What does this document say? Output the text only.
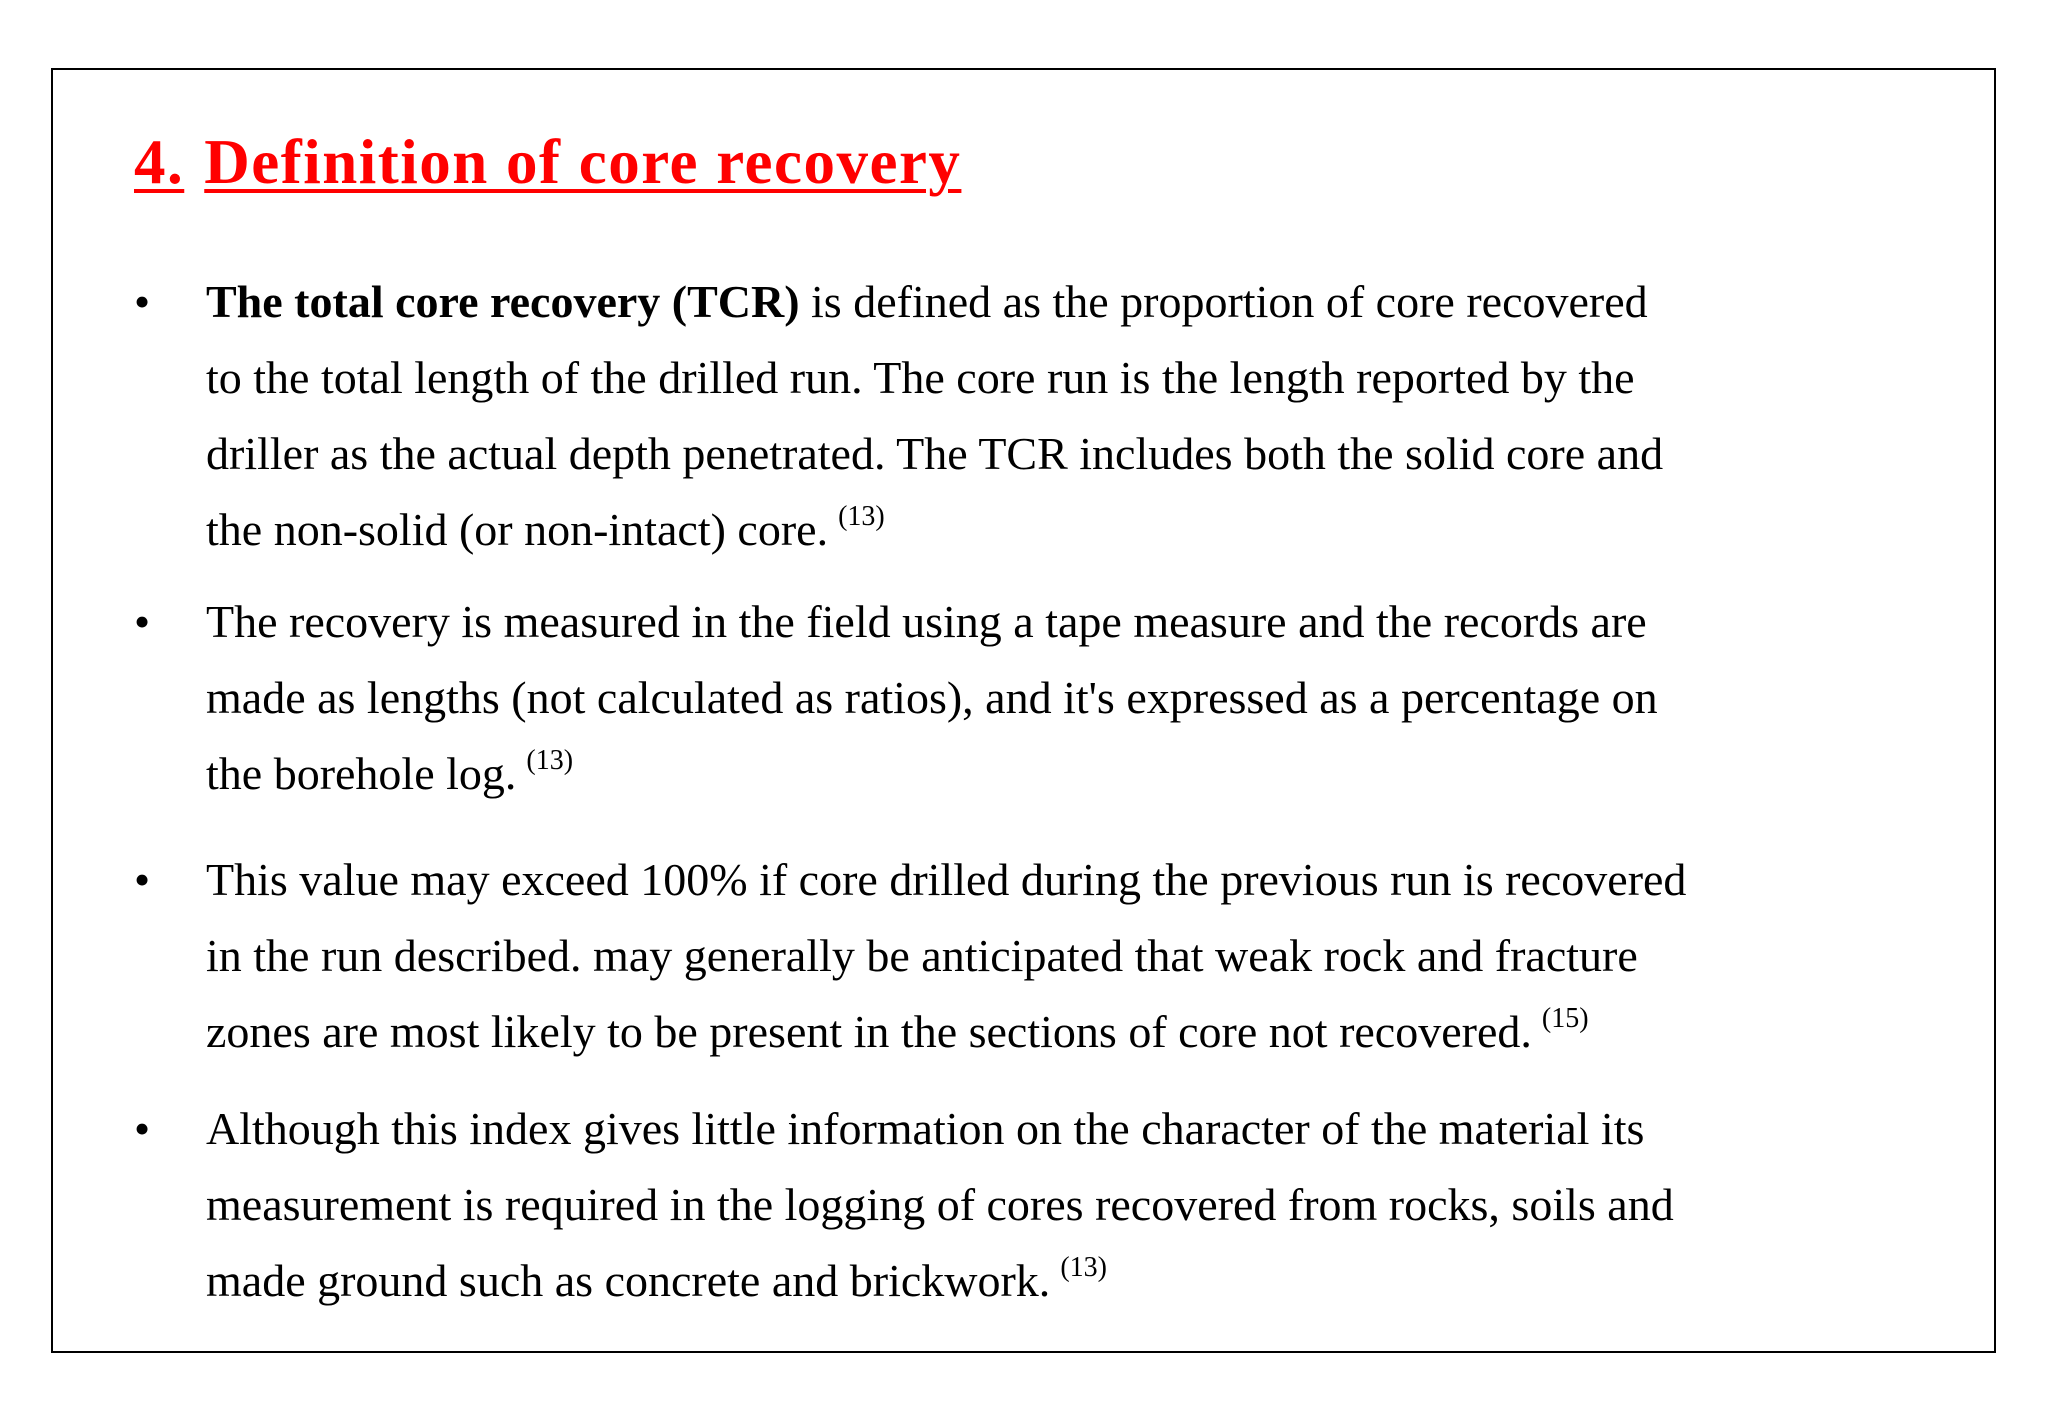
4. Definition of core recovery
• The total core recovery (TCR) is defined as the proportion of core recovered
to the total length of the drilled run. The core run is the length reported by the
driller as the actual depth penetrated. The TCR includes both the solid core and
the non-solid (or non-intact) core. $^{(13)}$
• The recovery is measured in the field using a tape measure and the records are
made as lengths (not calculated as ratios), and it's expressed as a percentage on
the borehole log. $^{(13)}$
• This value may exceed 100% if core drilled during the previous run is recovered
in the run described. may generally be anticipated that weak rock and fracture
zones are most likely to be present in the sections of core not recovered. $^{(15)}$
• Although this index gives little information on the character of the material its
measurement is required in the logging of cores recovered from rocks, soils and
made ground such as concrete and brickwork. $^{(13)}$
